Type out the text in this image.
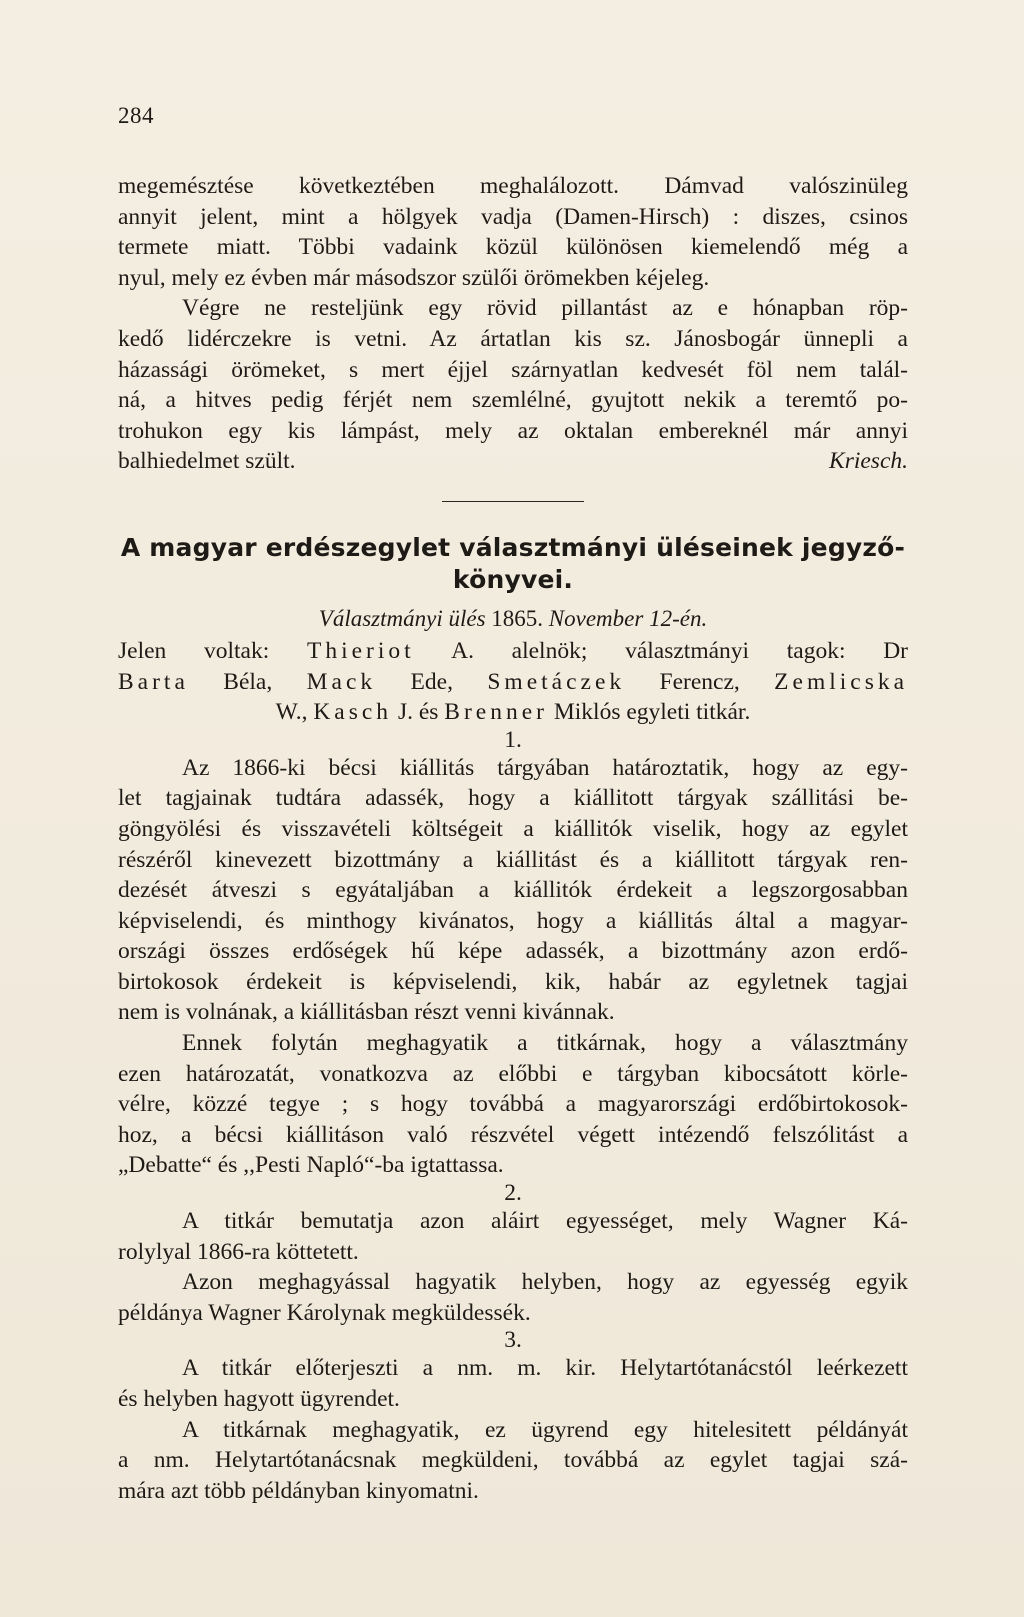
284
megemésztése következtében meghalálozott. Dámvad valószinüleg
annyit jelent, mint a hölgyek vadja (Damen-Hirsch) : diszes, csinos
termete miatt. Többi vadaink közül különösen kiemelendő még a
nyul, mely ez évben már másodszor szülői örömekben kéjeleg.
Végre ne resteljünk egy rövid pillantást az e hónapban röp-
kedő lidérczekre is vetni. Az ártatlan kis sz. Jánosbogár ünnepli a
házassági örömeket, s mert éjjel szárnyatlan kedvesét föl nem talál-
ná, a hitves pedig férjét nem szemlélné, gyujtott nekik a teremtő po-
trohukon egy kis lámpást, mely az oktalan embereknél már annyi
balhiedelmet szült.	Kriesch.
A magyar erdészegylet választmányi üléseinek jegyző-
könyvei.
Választmányi ülés 1865. November 12-én.
Jelen voltak: Thieriot A. alelnök; választmányi tagok: Dr
Barta Béla, Mack Ede, Smetáczek Ferencz, Zemlicska
W., Kasch J. és Brenner Miklós egyleti titkár.
1.
Az 1866-ki bécsi kiállitás tárgyában határoztatik, hogy az egy-
let tagjainak tudtára adassék, hogy a kiállitott tárgyak szállitási be-
göngyölési és visszavételi költségeit a kiállitók viselik, hogy az egylet
részéről kinevezett bizottmány a kiállitást és a kiállitott tárgyak ren-
dezését átveszi s egyátaljában a kiállitók érdekeit a legszorgosabban
képviselendi, és minthogy kivánatos, hogy a kiállitás által a magyar-
országi összes erdőségek hű képe adassék, a bizottmány azon erdő-
birtokosok érdekeit is képviselendi, kik, habár az egyletnek tagjai
nem is volnának, a kiállitásban részt venni kivánnak.
Ennek folytán meghagyatik a titkárnak, hogy a választmány
ezen határozatát, vonatkozva az előbbi e tárgyban kibocsátott körle-
vélre, közzé tegye ; s hogy továbbá a magyarországi erdőbirtokosok-
hoz, a bécsi kiállitáson való részvétel végett intézendő felszólitást a
„Debatte“ és ,,Pesti Napló“-ba igtattassa.
2.
A titkár bemutatja azon aláirt egyességet, mely Wagner Ká-
rolylyal 1866-ra köttetett.
Azon meghagyással hagyatik helyben, hogy az egyesség egyik
példánya Wagner Károlynak megküldessék.
3.
A titkár előterjeszti a nm. m. kir. Helytartótanácstól leérkezett
és helyben hagyott ügyrendet.
A titkárnak meghagyatik, ez ügyrend egy hitelesitett példányát
a nm. Helytartótanácsnak megküldeni, továbbá az egylet tagjai szá-
mára azt több példányban kinyomatni.
